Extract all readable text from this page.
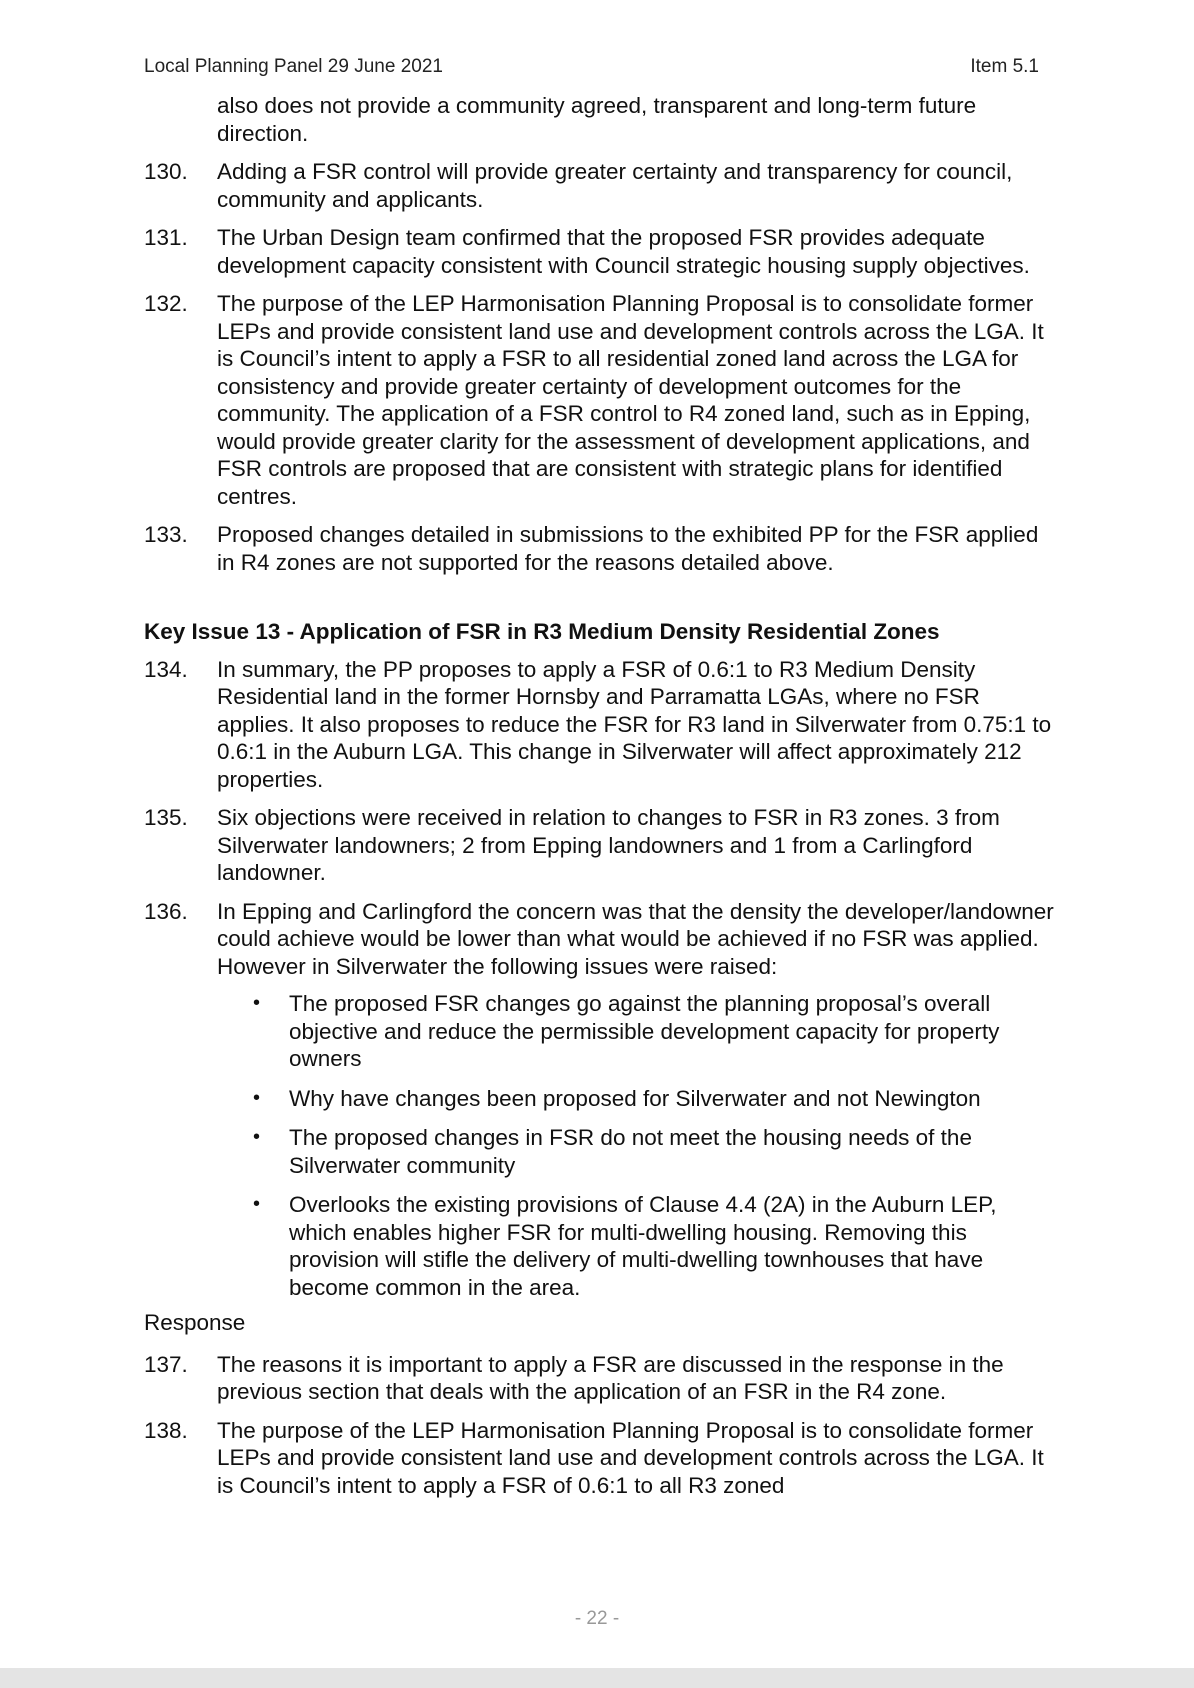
Local Planning Panel 29 June 2021	Item 5.1

also does not provide a community agreed, transparent and long-term future direction.

130. Adding a FSR control will provide greater certainty and transparency for council, community and applicants.
131. The Urban Design team confirmed that the proposed FSR provides adequate development capacity consistent with Council strategic housing supply objectives.
132. The purpose of the LEP Harmonisation Planning Proposal is to consolidate former LEPs and provide consistent land use and development controls across the LGA. It is Council’s intent to apply a FSR to all residential zoned land across the LGA for consistency and provide greater certainty of development outcomes for the community. The application of a FSR control to R4 zoned land, such as in Epping, would provide greater clarity for the assessment of development applications, and FSR controls are proposed that are consistent with strategic plans for identified centres.
133. Proposed changes detailed in submissions to the exhibited PP for the FSR applied in R4 zones are not supported for the reasons detailed above.
Key Issue 13 - Application of FSR in R3 Medium Density Residential Zones
134. In summary, the PP proposes to apply a FSR of 0.6:1 to R3 Medium Density Residential land in the former Hornsby and Parramatta LGAs, where no FSR applies. It also proposes to reduce the FSR for R3 land in Silverwater from 0.75:1 to 0.6:1 in the Auburn LGA. This change in Silverwater will affect approximately 212 properties.
135. Six objections were received in relation to changes to FSR in R3 zones. 3 from Silverwater landowners; 2 from Epping landowners and 1 from a Carlingford landowner.
136. In Epping and Carlingford the concern was that the density the developer/landowner could achieve would be lower than what would be achieved if no FSR was applied. However in Silverwater the following issues were raised:
• The proposed FSR changes go against the planning proposal’s overall objective and reduce the permissible development capacity for property owners
• Why have changes been proposed for Silverwater and not Newington
• The proposed changes in FSR do not meet the housing needs of the Silverwater community
• Overlooks the existing provisions of Clause 4.4 (2A) in the Auburn LEP, which enables higher FSR for multi-dwelling housing. Removing this provision will stifle the delivery of multi-dwelling townhouses that have become common in the area.
Response
137. The reasons it is important to apply a FSR are discussed in the response in the previous section that deals with the application of an FSR in the R4 zone.
138. The purpose of the LEP Harmonisation Planning Proposal is to consolidate former LEPs and provide consistent land use and development controls across the LGA. It is Council’s intent to apply a FSR of 0.6:1 to all R3 zoned
- 22 -
